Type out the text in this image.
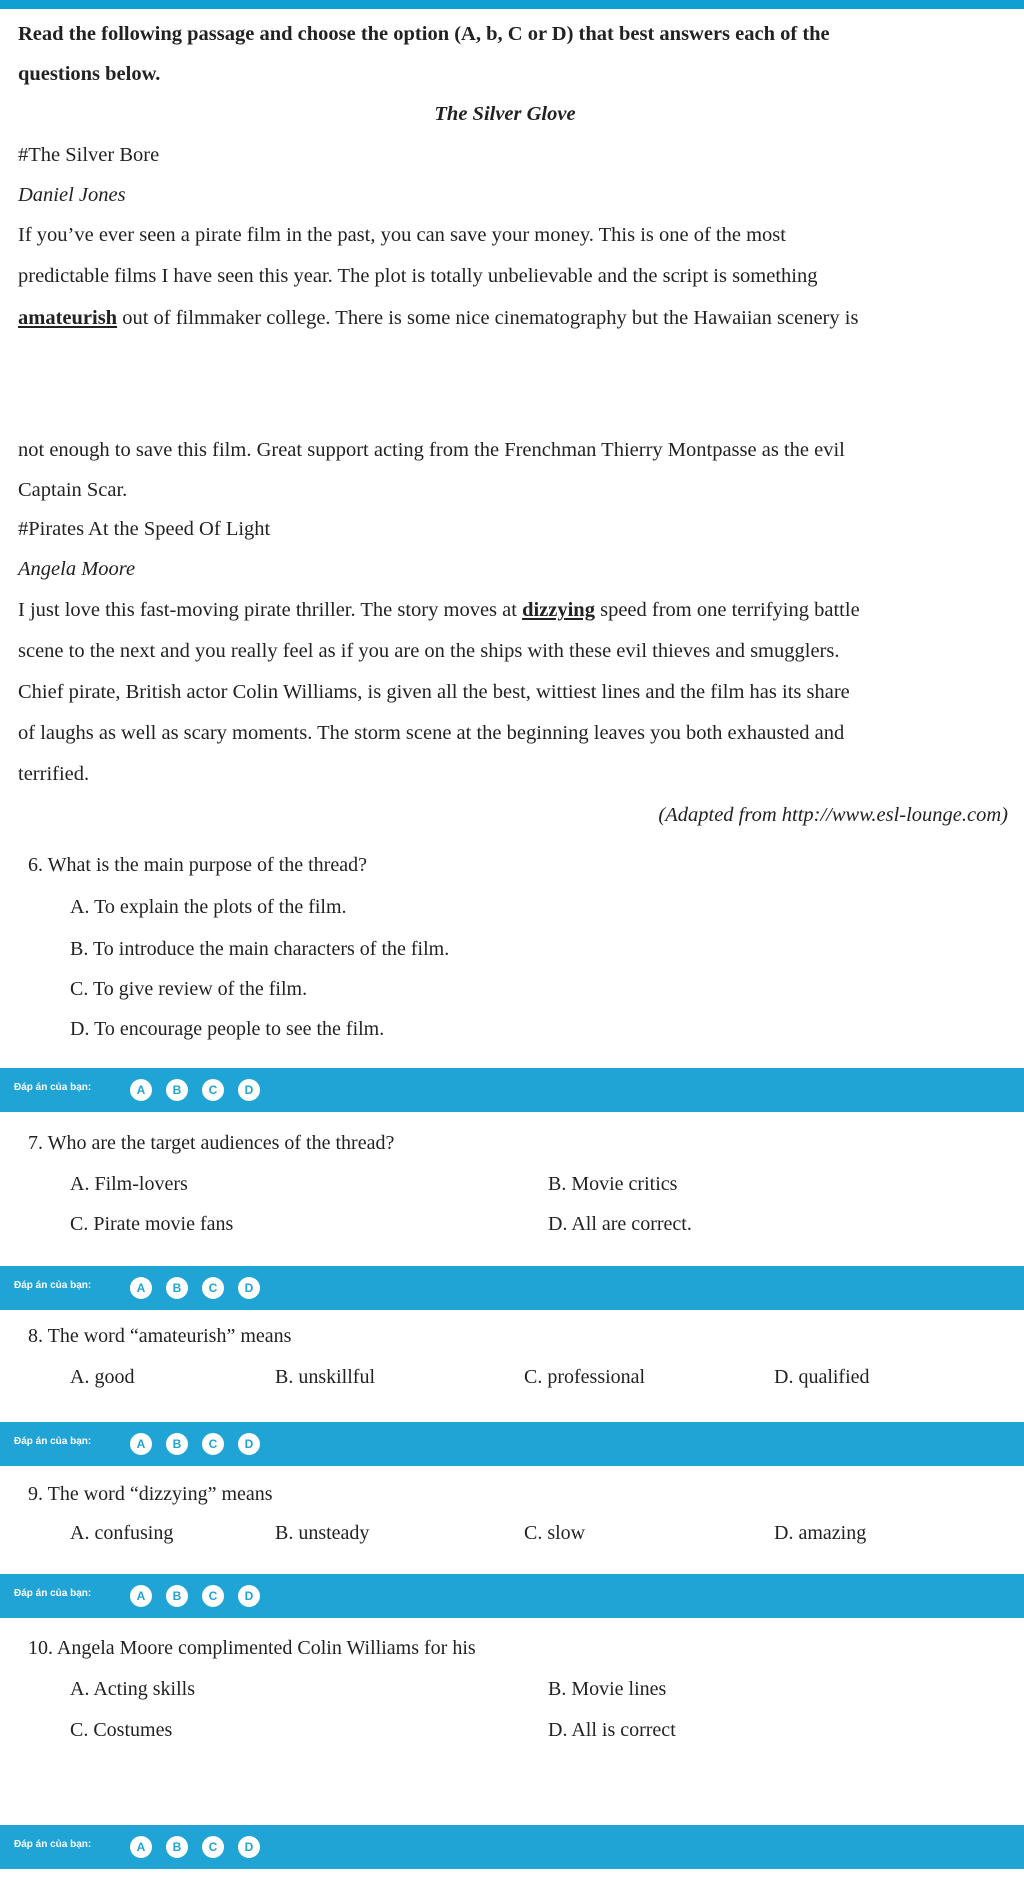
Read the following passage and choose the option (A, b, C or D) that best answers each of the
questions below.
The Silver Glove
#The Silver Bore
Daniel Jones
If you’ve ever seen a pirate film in the past, you can save your money. This is one of the most
predictable films I have seen this year. The plot is totally unbelievable and the script is something
amateurish out of filmmaker college. There is some nice cinematography but the Hawaiian scenery is
not enough to save this film. Great support acting from the Frenchman Thierry Montpasse as the evil
Captain Scar.
#Pirates At the Speed Of Light
Angela Moore
I just love this fast-moving pirate thriller. The story moves at dizzying speed from one terrifying battle
scene to the next and you really feel as if you are on the ships with these evil thieves and smugglers.
Chief pirate, British actor Colin Williams, is given all the best, wittiest lines and the film has its share
of laughs as well as scary moments. The storm scene at the beginning leaves you both exhausted and
terrified.
(Adapted from http://www.esl-lounge.com)
6. What is the main purpose of the thread?
A. To explain the plots of the film.
B. To introduce the main characters of the film.
C. To give review of the film.
D. To encourage people to see the film.
Đáp án của bạn:	A	B	C	D
7. Who are the target audiences of the thread?
A. Film-lovers	B. Movie critics
C. Pirate movie fans	D. All are correct.
Đáp án của bạn:	A	B	C	D
8. The word “amateurish” means
A. good	B. unskillful	C. professional	D. qualified
Đáp án của bạn:	A	B	C	D
9. The word “dizzying” means
A. confusing	B. unsteady	C. slow	D. amazing
Đáp án của bạn:	A	B	C	D
10. Angela Moore complimented Colin Williams for his
A. Acting skills	B. Movie lines
C. Costumes	D. All is correct
Đáp án của bạn:	A	B	C	D
